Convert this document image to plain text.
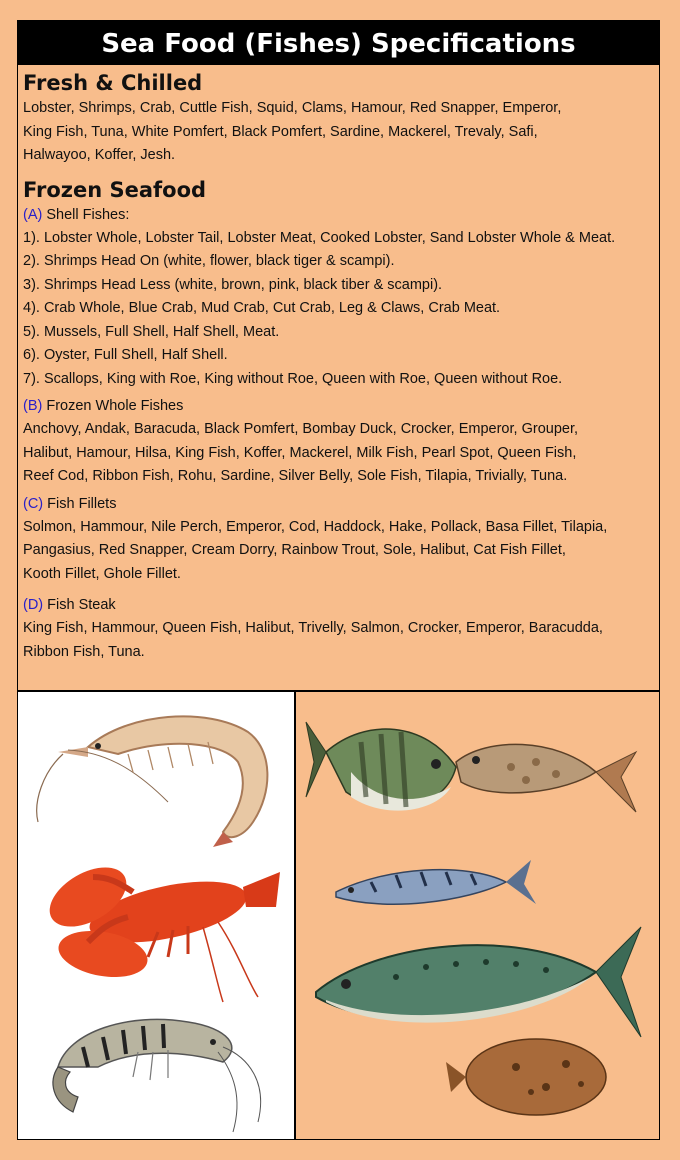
Sea Food (Fishes) Specifications
Fresh & Chilled
Lobster, Shrimps, Crab, Cuttle Fish, Squid, Clams, Hamour, Red Snapper, Emperor,
King Fish, Tuna, White Pomfert, Black Pomfert, Sardine, Mackerel, Trevaly, Safi,
Halwayoo, Koffer, Jesh.
Frozen Seafood
(A) Shell Fishes:
1). Lobster Whole, Lobster Tail, Lobster Meat, Cooked Lobster, Sand Lobster Whole & Meat.
2). Shrimps Head On (white, flower, black tiger & scampi).
3). Shrimps Head Less (white, brown, pink, black tiber & scampi).
4). Crab Whole, Blue Crab, Mud Crab, Cut Crab, Leg & Claws, Crab Meat.
5). Mussels, Full Shell, Half Shell, Meat.
6). Oyster, Full Shell, Half Shell.
7). Scallops, King with Roe, King without Roe, Queen with Roe, Queen without Roe.
(B) Frozen Whole Fishes
Anchovy, Andak, Baracuda, Black Pomfert, Bombay Duck, Crocker, Emperor, Grouper,
Halibut, Hamour, Hilsa, King Fish, Koffer, Mackerel, Milk Fish, Pearl Spot, Queen Fish,
Reef Cod, Ribbon Fish, Rohu, Sardine, Silver Belly, Sole Fish, Tilapia, Trivially, Tuna.
(C) Fish Fillets
Solmon, Hammour, Nile Perch, Emperor, Cod, Haddock, Hake, Pollack, Basa Fillet, Tilapia,
Pangasius, Red Snapper, Cream Dorry, Rainbow Trout, Sole, Halibut, Cat Fish Fillet,
Kooth Fillet, Ghole Fillet.
(D) Fish Steak
King Fish, Hammour, Queen Fish, Halibut, Trivelly, Salmon, Crocker, Emperor, Baracudda,
Ribbon Fish, Tuna.
